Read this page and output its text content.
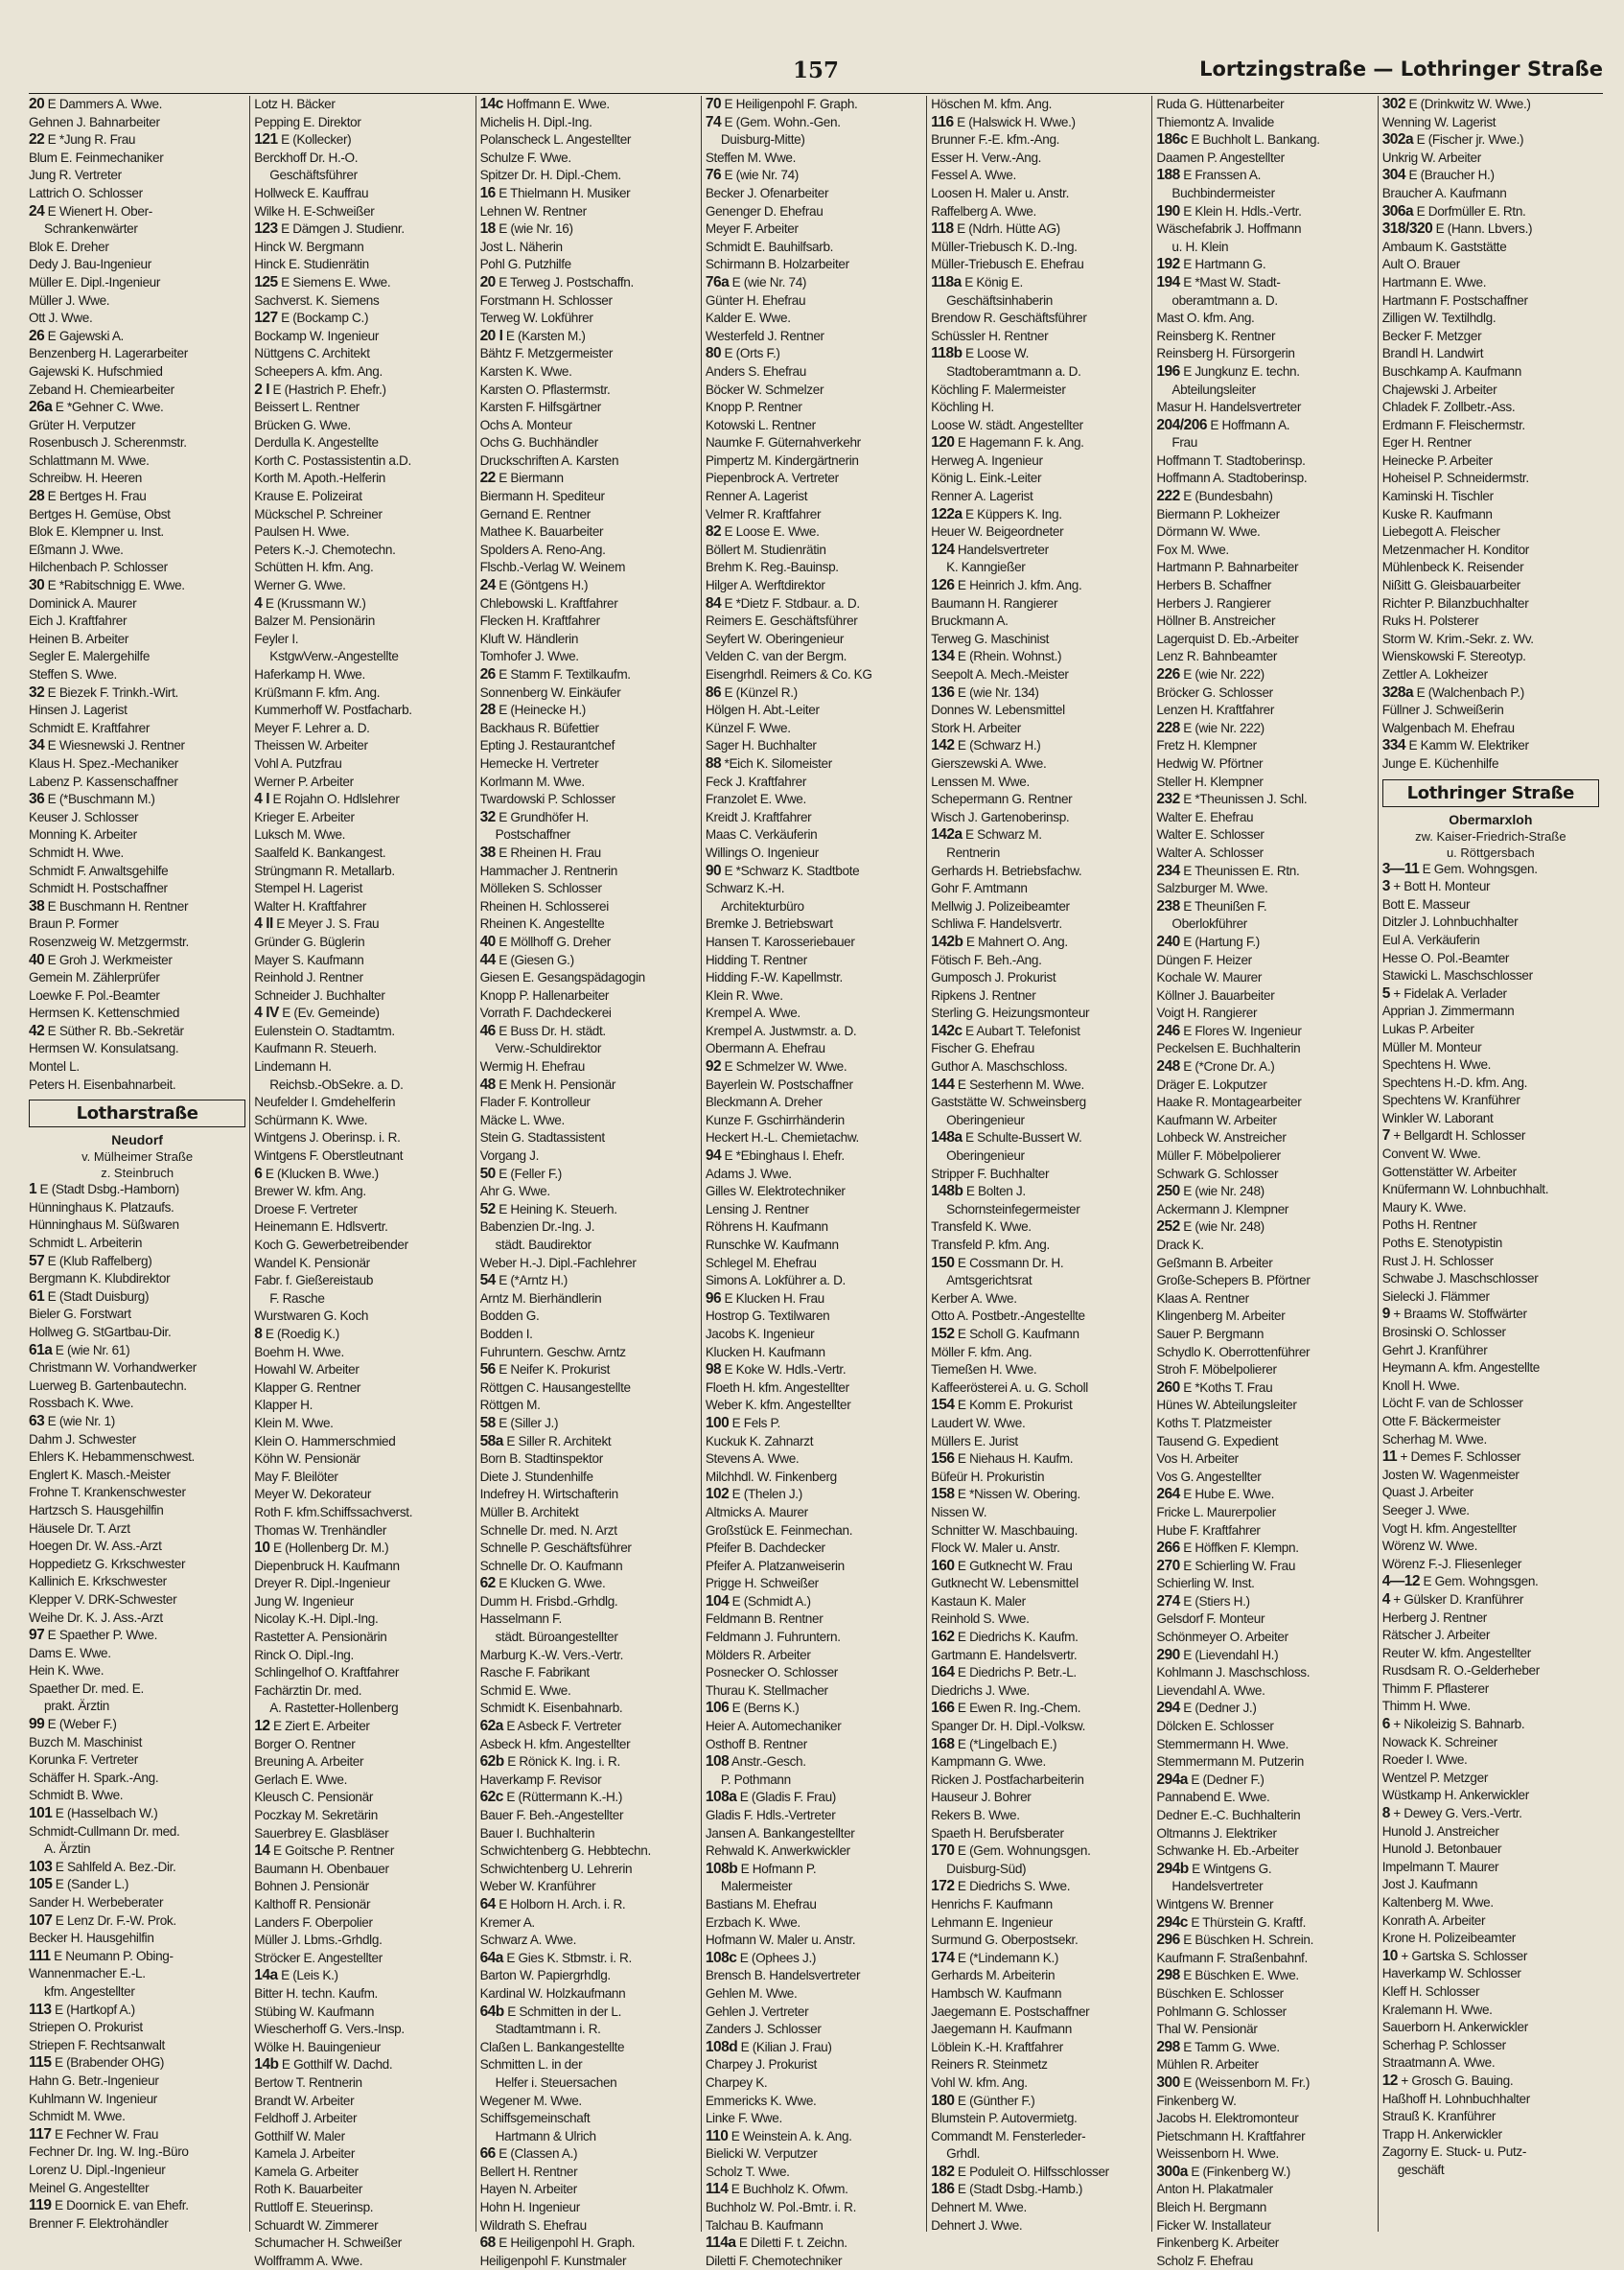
157	Lortzingstraße — Lothringer Straße
20 E Dammers A. Wwe.
Gehnen J. Bahnarbeiter
22 E *Jung R. Frau
Blum E. Feinmechaniker
Jung R. Vertreter
Lattrich O. Schlosser
24 E Wienert H. Ober-
Schrankenwärter
Blok E. Dreher
Dedy J. Bau-Ingenieur
Müller E. Dipl.-Ingenieur
Müller J. Wwe.
Ott J. Wwe.
26 E Gajewski A.
Benzenberg H. Lagerarbeiter
Gajewski K. Hufschmied
Zeband H. Chemiearbeiter
26a E *Gehner C. Wwe.
Grüter H. Verputzer
Rosenbusch J. Scherenmstr.
Schlattmann M. Wwe.
Schreibw. H. Heeren
28 E Bertges H. Frau
Bertges H. Gemüse, Obst
Blok E. Klempner u. Inst.
Eßmann J. Wwe.
Hilchenbach P. Schlosser
30 E *Rabitschnigg E. Wwe.
Dominick A. Maurer
Eich J. Kraftfahrer
Heinen B. Arbeiter
Segler E. Malergehilfe
Steffen S. Wwe.
32 E Biezek F. Trinkh.-Wirt.
Hinsen J. Lagerist
Schmidt E. Kraftfahrer
34 E Wiesnewski J. Rentner
Klaus H. Spez.-Mechaniker
Labenz P. Kassenschaffner
36 E (*Buschmann M.)
Keuser J. Schlosser
Monning K. Arbeiter
Schmidt H. Wwe.
Schmidt F. Anwaltsgehilfe
Schmidt H. Postschaffner
38 E Buschmann H. Rentner
Braun P. Former
Rosenzweig W. Metzgermstr.
40 E Groh J. Werkmeister
Gemein M. Zählerprüfer
Loewke F. Pol.-Beamter
Hermsen K. Kettenschmied
42 E Süther R. Bb.-Sekretär
Hermsen W. Konsulatsang.
Montel L.
Peters H. Eisenbahnarbeit.
Lotharstraße
Neudorf
v. Mülheimer Straße
z. Steinbruch
1 E (Stadt Dsbg.-Hamborn)
Hünninghaus K. Platzaufs.
Hünninghaus M. Süßwaren
Schmidt L. Arbeiterin
57 E (Klub Raffelberg)
Bergmann K. Klubdirektor
61 E (Stadt Duisburg)
Bieler G. Forstwart
Hollweg G. StGartbau-Dir.
61a E (wie Nr. 61)
Christmann W. Vorhandwerker
Luerweg B. Gartenbautechn.
Rossbach K. Wwe.
63 E (wie Nr. 1)
Dahm J. Schwester
Ehlers K. Hebammenschwest.
Englert K. Masch.-Meister
Frohne T. Krankenschwester
Hartzsch S. Hausgehilfin
Häusele Dr. T. Arzt
Hoegen Dr. W. Ass.-Arzt
Hoppedietz G. Krkschwester
Kallinich E. Krkschwester
Klepper V. DRK-Schwester
Weihe Dr. K. J. Ass.-Arzt
97 E Spaether P. Wwe.
Dams E. Wwe.
Hein K. Wwe.
Spaether Dr. med. E.
prakt. Ärztin
99 E (Weber F.)
Buzch M. Maschinist
Korunka F. Vertreter
Schäffer H. Spark.-Ang.
Schmidt B. Wwe.
101 E (Hasselbach W.)
Schmidt-Cullmann Dr. med.
A. Ärztin
103 E Sahlfeld A. Bez.-Dir.
105 E (Sander L.)
Sander H. Werbeberater
107 E Lenz Dr. F.-W. Prok.
Becker H. Hausgehilfin
111 E Neumann P. Obing-
Wannenmacher E.-L.
kfm. Angestellter
113 E (Hartkopf A.)
Striepen O. Prokurist
Striepen F. Rechtsanwalt
115 E (Brabender OHG)
Hahn G. Betr.-Ingenieur
Kuhlmann W. Ingenieur
Schmidt M. Wwe.
117 E Fechner W. Frau
Fechner Dr. Ing. W. Ing.-Büro
Lorenz U. Dipl.-Ingenieur
Meinel G. Angestellter
119 E Doornick E. van Ehefr.
Brenner F. Elektrohändler
Lotz H. Bäcker
Pepping E. Direktor
121 E (Kollecker)
Berckhoff Dr. H.-O.
Geschäftsführer
Hollweck E. Kauffrau
Wilke H. E-Schweißer
123 E Dämgen J. Studienr.
Hinck W. Bergmann
Hinck E. Studienrätin
125 E Siemens E. Wwe.
Sachverst. K. Siemens
127 E (Bockamp C.)
Bockamp W. Ingenieur
Nüttgens C. Architekt
Scheepers A. kfm. Ang.
2 I E (Hastrich P. Ehefr.)
Beissert L. Rentner
Brücken G. Wwe.
Derdulla K. Angestellte
Korth C. Postassistentin a.D.
Korth M. Apoth.-Helferin
Krause E. Polizeirat
Mückschel P. Schreiner
Paulsen H. Wwe.
Peters K.-J. Chemotechn.
Schütten H. kfm. Ang.
Werner G. Wwe.
4 E (Krussmann W.)
Balzer M. Pensionärin
Feyler I.
KstgwVerw.-Angestellte
Haferkamp H. Wwe.
Krüßmann F. kfm. Ang.
Kummerhoff W. Postfacharb.
Meyer F. Lehrer a. D.
Theissen W. Arbeiter
Vohl A. Putzfrau
Werner P. Arbeiter
4 I E Rojahn O. Hdlslehrer
Krieger E. Arbeiter
Luksch M. Wwe.
Saalfeld K. Bankangest.
Strüngmann R. Metallarb.
Stempel H. Lagerist
Walter H. Kraftfahrer
4 II E Meyer J. S. Frau
Gründer G. Büglerin
Mayer S. Kaufmann
Reinhold J. Rentner
Schneider J. Buchhalter
4 IV E (Ev. Gemeinde)
Eulenstein O. Stadtamtm.
Kaufmann R. Steuerh.
Lindemann H.
Reichsb.-ObSekre. a. D.
Neufelder I. Gmdehelferin
Schürmann K. Wwe.
Wintgens J. Oberinsp. i. R.
Wintgens F. Oberstleutnant
6 E (Klucken B. Wwe.)
Brewer W. kfm. Ang.
Droese F. Vertreter
Heinemann E. Hdlsvertr.
Koch G. Gewerbetreibender
Wandel K. Pensionär
Fabr. f. Gießereistaub
F. Rasche
Wurstwaren G. Koch
8 E (Roedig K.)
Boehm H. Wwe.
Howahl W. Arbeiter
Klapper G. Rentner
Klapper H.
Klein M. Wwe.
Klein O. Hammerschmied
Köhn W. Pensionär
May F. Bleilöter
Meyer W. Dekorateur
Roth F. kfm.Schiffssachverst.
Thomas W. Trenhändler
10 E (Hollenberg Dr. M.)
Diepenbruck H. Kaufmann
Dreyer R. Dipl.-Ingenieur
Jung W. Ingenieur
Nicolay K.-H. Dipl.-Ing.
Rastetter A. Pensionärin
Rinck O. Dipl.-Ing.
Schlingelhof O. Kraftfahrer
Fachärztin Dr. med.
A. Rastetter-Hollenberg
12 E Ziert E. Arbeiter
Borger O. Rentner
Breuning A. Arbeiter
Gerlach E. Wwe.
Kleusch C. Pensionär
Poczkay M. Sekretärin
Sauerbrey E. Glasbläser
14 E Goitsche P. Rentner
Baumann H. Obenbauer
Bohnen J. Pensionär
Kalthoff R. Pensionär
Landers F. Oberpolier
Müller J. Lbms.-Grhdlg.
Ströcker E. Angestellter
14a E (Leis K.)
Bitter H. techn. Kaufm.
Stübing W. Kaufmann
Wiescherhoff G. Vers.-Insp.
Wölke H. Bauingenieur
14b E Gotthilf W. Dachd.
Bertow T. Rentnerin
Brandt W. Arbeiter
Feldhoff J. Arbeiter
Gotthilf W. Maler
Kamela J. Arbeiter
Kamela G. Arbeiter
Roth K. Bauarbeiter
Ruttloff E. Steuerinsp.
Schuardt W. Zimmerer
Schumacher H. Schweißer
Wolfframm A. Wwe.
14c Hoffmann E. Wwe.
Michelis H. Dipl.-Ing.
Polanscheck L. Angestellter
Schulze F. Wwe.
Spitzer Dr. H. Dipl.-Chem.
16 E Thielmann H. Musiker
Lehnen W. Rentner
18 E (wie Nr. 16)
Jost L. Näherin
Pohl G. Putzhilfe
20 E Terweg J. Postschaffn.
Forstmann H. Schlosser
Terweg W. Lokführer
20 I E (Karsten M.)
Bähtz F. Metzgermeister
Karsten K. Wwe.
Karsten O. Pflastermstr.
Karsten F. Hilfsgärtner
Ochs A. Monteur
Ochs G. Buchhändler
Druckschriften A. Karsten
22 E Biermann
Biermann H. Spediteur
Gernand E. Rentner
Mathee K. Bauarbeiter
Spolders A. Reno-Ang.
Flschb.-Verlag W. Weinem
24 E (Göntgens H.)
Chlebowski L. Kraftfahrer
Flecken H. Kraftfahrer
Kluft W. Händlerin
Tomhofer J. Wwe.
26 E Stamm F. Textilkaufm.
Sonnenberg W. Einkäufer
28 E (Heinecke H.)
Backhaus R. Büfettier
Epting J. Restaurantchef
Hemecke H. Vertreter
Korlmann M. Wwe.
Twardowski P. Schlosser
32 E Grundhöfer H.
Postschaffner
38 E Rheinen H. Frau
Hammacher J. Rentnerin
Mölleken S. Schlosser
Rheinen H. Schlosserei
Rheinen K. Angestellte
40 E Möllhoff G. Dreher
44 E (Giesen G.)
Giesen E. Gesangspädagogin
Knopp P. Hallenarbeiter
Vorrath F. Dachdeckerei
46 E Buss Dr. H. städt.
Verw.-Schuldirektor
Wermig H. Ehefrau
48 E Menk H. Pensionär
Flader F. Kontrolleur
Mäcke L. Wwe.
Stein G. Stadtassistent
Vorgang J.
50 E (Feller F.)
Ahr G. Wwe.
52 E Heining K. Steuerh.
Babenzien Dr.-Ing. J.
städt. Baudirektor
Weber H.-J. Dipl.-Fachlehrer
54 E (*Arntz H.)
Arntz M. Bierhändlerin
Bodden G.
Bodden I.
Fuhruntern. Geschw. Arntz
56 E Neifer K. Prokurist
Röttgen C. Hausangestellte
Röttgen M.
58 E (Siller J.)
58a E Siller R. Architekt
Born B. Stadtinspektor
Diete J. Stundenhilfe
Indefrey H. Wirtschafterin
Müller B. Architekt
Schnelle Dr. med. N. Arzt
Schnelle P. Geschäftsführer
Schnelle Dr. O. Kaufmann
62 E Klucken G. Wwe.
Dumm H. Frisbd.-Grhdlg.
Hasselmann F.
städt. Büroangestellter
Marburg K.-W. Vers.-Vertr.
Rasche F. Fabrikant
Schmid E. Wwe.
Schmidt K. Eisenbahnarb.
62a E Asbeck F. Vertreter
Asbeck H. kfm. Angestellter
62b E Rönick K. Ing. i. R.
Haverkamp F. Revisor
62c E (Rüttermann K.-H.)
Bauer F. Beh.-Angestellter
Bauer I. Buchhalterin
Schwichtenberg G. Hebbtechn.
Schwichtenberg U. Lehrerin
Weber W. Kranführer
64 E Holborn H. Arch. i. R.
Kremer A.
Schwarz A. Wwe.
64a E Gies K. Stbmstr. i. R.
Barton W. Papiergrhdlg.
Kardinal W. Holzkaufmann
64b E Schmitten in der L.
Stadtamtmann i. R.
Claßen L. Bankangestellte
Schmitten L. in der
Helfer i. Steuersachen
Wegener M. Wwe.
Schiffsgemeinschaft
Hartmann & Ulrich
66 E (Classen A.)
Bellert H. Rentner
Hayen N. Arbeiter
Hohn H. Ingenieur
Wildrath S. Ehefrau
68 E Heiligenpohl H. Graph.
Heiligenpohl F. Kunstmaler
70 E Heiligenpohl F. Graph.
74 E (Gem. Wohn.-Gen.
Duisburg-Mitte)
Steffen M. Wwe.
76 E (wie Nr. 74)
Becker J. Ofenarbeiter
Genenger D. Ehefrau
Meyer F. Arbeiter
Schmidt E. Bauhilfsarb.
Schirmann B. Holzarbeiter
76a E (wie Nr. 74)
Günter H. Ehefrau
Kalder E. Wwe.
Westerfeld J. Rentner
80 E (Orts F.)
Anders S. Ehefrau
Böcker W. Schmelzer
Knopp P. Rentner
Kotowski L. Rentner
Naumke F. Güternahverkehr
Pimpertz M. Kindergärtnerin
Piepenbrock A. Vertreter
Renner A. Lagerist
Velmer R. Kraftfahrer
82 E Loose E. Wwe.
Böllert M. Studienrätin
Brehm K. Reg.-Bauinsp.
Hilger A. Werftdirektor
84 E *Dietz F. Stdbaur. a. D.
Reimers E. Geschäftsführer
Seyfert W. Oberingenieur
Velden C. van der Bergm.
Eisengrhdl. Reimers & Co. KG
86 E (Künzel R.)
Hölgen H. Abt.-Leiter
Künzel F. Wwe.
Sager H. Buchhalter
88 *Eich K. Silomeister
Feck J. Kraftfahrer
Franzolet E. Wwe.
Kreidt J. Kraftfahrer
Maas C. Verkäuferin
Willings O. Ingenieur
90 E *Schwarz K. Stadtbote
Schwarz K.-H.
Architekturbüro
Bremke J. Betriebswart
Hansen T. Karosseriebauer
Hidding T. Rentner
Hidding F.-W. Kapellmstr.
Klein R. Wwe.
Krempel A. Wwe.
Krempel A. Justwmstr. a. D.
Obermann A. Ehefrau
92 E Schmelzer W. Wwe.
Bayerlein W. Postschaffner
Bleckmann A. Dreher
Kunze F. Gschirrhänderin
Heckert H.-L. Chemietachw.
94 E *Ebinghaus I. Ehefr.
Adams J. Wwe.
Gilles W. Elektrotechniker
Lensing J. Rentner
Röhrens H. Kaufmann
Runschke W. Kaufmann
Schlegel M. Ehefrau
Simons A. Lokführer a. D.
96 E Klucken H. Frau
Hostrop G. Textilwaren
Jacobs K. Ingenieur
Klucken H. Kaufmann
98 E Koke W. Hdls.-Vertr.
Floeth H. kfm. Angestellter
Weber K. kfm. Angestellter
100 E Fels P.
Kuckuk K. Zahnarzt
Stevens A. Wwe.
Milchhdl. W. Finkenberg
102 E (Thelen J.)
Altmicks A. Maurer
Großstück E. Feinmechan.
Pfeifer B. Dachdecker
Pfeifer A. Platzanweiserin
Prigge H. Schweißer
104 E (Schmidt A.)
Feldmann B. Rentner
Feldmann J. Fuhruntern.
Mölders R. Arbeiter
Posnecker O. Schlosser
Thurau K. Stellmacher
106 E (Berns K.)
Heier A. Automechaniker
Osthoff B. Rentner
108 Anstr.-Gesch.
P. Pothmann
108a E (Gladis F. Frau)
Gladis F. Hdls.-Vertreter
Jansen A. Bankangestellter
Rehwald K. Anwerkwickler
108b E Hofmann P.
Malermeister
Bastians M. Ehefrau
Erzbach K. Wwe.
Hofmann W. Maler u. Anstr.
108c E (Ophees J.)
Brensch B. Handelsvertreter
Gehlen M. Wwe.
Gehlen J. Vertreter
Zanders J. Schlosser
108d E (Kilian J. Frau)
Charpey J. Prokurist
Charpey K.
Emmericks K. Wwe.
Linke F. Wwe.
110 E Weinstein A. k. Ang.
Bielicki W. Verputzer
Scholz T. Wwe.
114 E Buchholz K. Ofwm.
Buchholz W. Pol.-Bmtr. i. R.
Talchau B. Kaufmann
114a E Diletti F. t. Zeichn.
Diletti F. Chemotechniker
Höschen M. kfm. Ang.
116 E (Halswick H. Wwe.)
Brunner F.-E. kfm.-Ang.
Esser H. Verw.-Ang.
Fessel A. Wwe.
Loosen H. Maler u. Anstr.
Raffelberg A. Wwe.
118 E (Ndrh. Hütte AG)
Müller-Triebusch K. D.-Ing.
Müller-Triebusch E. Ehefrau
118a E König E.
Geschäftsinhaberin
Brendow R. Geschäftsführer
Schüssler H. Rentner
118b E Loose W.
Stadtoberamtmann a. D.
Köchling F. Malermeister
Köchling H.
Loose W. städt. Angestellter
120 E Hagemann F. k. Ang.
Herweg A. Ingenieur
König L. Eink.-Leiter
Renner A. Lagerist
122a E Küppers K. Ing.
Heuer W. Beigeordneter
124 Handelsvertreter
K. Kanngießer
126 E Heinrich J. kfm. Ang.
Baumann H. Rangierer
Bruckmann A.
Terweg G. Maschinist
134 E (Rhein. Wohnst.)
Seepolt A. Mech.-Meister
136 E (wie Nr. 134)
Donnes W. Lebensmittel
Stork H. Arbeiter
142 E (Schwarz H.)
Gierszewski A. Wwe.
Lenssen M. Wwe.
Schepermann G. Rentner
Wisch J. Gartenoberinsp.
142a E Schwarz M.
Rentnerin
Gerhards H. Betriebsfachw.
Gohr F. Amtmann
Mellwig J. Polizeibeamter
Schliwa F. Handelsvertr.
142b E Mahnert O. Ang.
Fötisch F. Beh.-Ang.
Gumposch J. Prokurist
Ripkens J. Rentner
Sterling G. Heizungsmonteur
142c E Aubart T. Telefonist
Fischer G. Ehefrau
Guthor A. Maschschloss.
144 E Sesterhenn M. Wwe.
Gaststätte W. Schweinsberg
Oberingenieur
148a E Schulte-Bussert W.
Oberingenieur
Stripper F. Buchhalter
148b E Bolten J.
Schornsteinfegermeister
Transfeld K. Wwe.
Transfeld P. kfm. Ang.
150 E Cossmann Dr. H.
Amtsgerichtsrat
Kerber A. Wwe.
Otto A. Postbetr.-Angestellte
152 E Scholl G. Kaufmann
Möller F. kfm. Ang.
Tiemeßen H. Wwe.
Kaffeerösterei A. u. G. Scholl
154 E Komm E. Prokurist
Laudert W. Wwe.
Müllers E. Jurist
156 E Niehaus H. Kaufm.
Büfeür H. Prokuristin
158 E *Nissen W. Obering.
Nissen W.
Schnitter W. Maschbauing.
Flock W. Maler u. Anstr.
160 E Gutknecht W. Frau
Gutknecht W. Lebensmittel
Kastaun K. Maler
Reinhold S. Wwe.
162 E Diedrichs K. Kaufm.
Gartmann E. Handelsvertr.
164 E Diedrichs P. Betr.-L.
Diedrichs J. Wwe.
166 E Ewen R. Ing.-Chem.
Spanger Dr. H. Dipl.-Volksw.
168 E (*Lingelbach E.)
Kampmann G. Wwe.
Ricken J. Postfacharbeiterin
Hauseur J. Bohrer
Rekers B. Wwe.
Spaeth H. Berufsberater
170 E (Gem. Wohnungsgen.
Duisburg-Süd)
172 E Diedrichs S. Wwe.
Henrichs F. Kaufmann
Lehmann E. Ingenieur
Surmund G. Oberpostsekr.
174 E (*Lindemann K.)
Gerhards M. Arbeiterin
Hambsch W. Kaufmann
Jaegemann E. Postschaffner
Jaegemann H. Kaufmann
Löblein K.-H. Kraftfahrer
Reiners R. Steinmetz
Vohl W. kfm. Ang.
180 E (Günther F.)
Blumstein P. Autovermietg.
Commandt M. Fensterleder-
Grhdl.
182 E Poduleit O. Hilfsschlosser
186 E (Stadt Dsbg.-Hamb.)
Dehnert M. Wwe.
Dehnert J. Wwe.
Ruda G. Hüttenarbeiter
Thiemontz A. Invalide
186c E Buchholt L. Bankang.
Daamen P. Angestellter
188 E Franssen A.
Buchbindermeister
190 E Klein H. Hdls.-Vertr.
Wäschefabrik J. Hoffmann
u. H. Klein
192 E Hartmann G.
194 E *Mast W. Stadt-
oberamtmann a. D.
Mast O. kfm. Ang.
Reinsberg K. Rentner
Reinsberg H. Fürsorgerin
196 E Jungkunz E. techn.
Abteilungsleiter
Masur H. Handelsvertreter
204/206 E Hoffmann A.
Frau
Hoffmann T. Stadtoberinsp.
Hoffmann A. Stadtoberinsp.
222 E (Bundesbahn)
Biermann P. Lokheizer
Dörmann W. Wwe.
Fox M. Wwe.
Hartmann P. Bahnarbeiter
Herbers B. Schaffner
Herbers J. Rangierer
Höllner B. Anstreicher
Lagerquist D. Eb.-Arbeiter
Lenz R. Bahnbeamter
226 E (wie Nr. 222)
Bröcker G. Schlosser
Lenzen H. Kraftfahrer
228 E (wie Nr. 222)
Fretz H. Klempner
Hedwig W. Pförtner
Steller H. Klempner
232 E *Theunissen J. Schl.
Walter E. Ehefrau
Walter E. Schlosser
Walter A. Schlosser
234 E Theunissen E. Rtn.
Salzburger M. Wwe.
238 E Theunißen F.
Oberlokführer
240 E (Hartung F.)
Düngen F. Heizer
Kochale W. Maurer
Köllner J. Bauarbeiter
Voigt H. Rangierer
246 E Flores W. Ingenieur
Peckelsen E. Buchhalterin
248 E (*Crone Dr. A.)
Dräger E. Lokputzer
Haake R. Montagearbeiter
Kaufmann W. Arbeiter
Lohbeck W. Anstreicher
Müller F. Möbelpolierer
Schwark G. Schlosser
250 E (wie Nr. 248)
Ackermann J. Klempner
252 E (wie Nr. 248)
Drack K.
Geßmann B. Arbeiter
Große-Schepers B. Pförtner
Klaas A. Rentner
Klingenberg M. Arbeiter
Sauer P. Bergmann
Schydlo K. Oberrottenführer
Stroh F. Möbelpolierer
260 E *Koths T. Frau
Hünes W. Abteilungsleiter
Koths T. Platzmeister
Tausend G. Expedient
Vos H. Arbeiter
Vos G. Angestellter
264 E Hube E. Wwe.
Fricke L. Maurerpolier
Hube F. Kraftfahrer
266 E Höffken F. Klempn.
270 E Schierling W. Frau
Schierling W. Inst.
274 E (Stiers H.)
Gelsdorf F. Monteur
Schönmeyer O. Arbeiter
290 E (Lievendahl H.)
Kohlmann J. Maschschloss.
Lievendahl A. Wwe.
294 E (Dedner J.)
Dölcken E. Schlosser
Stemmermann H. Wwe.
Stemmermann M. Putzerin
294a E (Dedner F.)
Pannabend E. Wwe.
Dedner E.-C. Buchhalterin
Oltmanns J. Elektriker
Schwanke H. Eb.-Arbeiter
294b E Wintgens G.
Handelsvertreter
Wintgens W. Brenner
294c E Thürstein G. Kraftf.
296 E Büschken H. Schrein.
Kaufmann F. Straßenbahnf.
298 E Büschken E. Wwe.
Büschken E. Schlosser
Pohlmann G. Schlosser
Thal W. Pensionär
298 E Tamm G. Wwe.
Mühlen R. Arbeiter
300 E (Weissenborn M. Fr.)
Finkenberg W.
Jacobs H. Elektromonteur
Pietschmann H. Kraftfahrer
Weissenborn H. Wwe.
300a E (Finkenberg W.)
Anton H. Plakatmaler
Bleich H. Bergmann
Ficker W. Installateur
Finkenberg K. Arbeiter
Scholz F. Ehefrau
302 E (Drinkwitz W. Wwe.)
Wenning W. Lagerist
302a E (Fischer jr. Wwe.)
Unkrig W. Arbeiter
304 E (Braucher H.)
Braucher A. Kaufmann
306a E Dorfmüller E. Rtn.
318/320 E (Hann. Lbvers.)
Ambaum K. Gaststätte
Ault O. Brauer
Hartmann E. Wwe.
Hartmann F. Postschaffner
Zilligen W. Textilhdlg.
Becker F. Metzger
Brandl H. Landwirt
Buschkamp A. Kaufmann
Chajewski J. Arbeiter
Chladek F. Zollbetr.-Ass.
Erdmann F. Fleischermstr.
Eger H. Rentner
Heinecke P. Arbeiter
Hoheisel P. Schneidermstr.
Kaminski H. Tischler
Kuske R. Kaufmann
Liebegott A. Fleischer
Metzenmacher H. Konditor
Mühlenbeck K. Reisender
Nißitt G. Gleisbauarbeiter
Richter P. Bilanzbuchhalter
Ruks H. Polsterer
Storm W. Krim.-Sekr. z. Wv.
Wienskowski F. Stereotyp.
Zettler A. Lokheizer
328a E (Walchenbach P.)
Füllner J. Schweißerin
Walgenbach M. Ehefrau
334 E Kamm W. Elektriker
Junge E. Küchenhilfe
Lothringer Straße
Obermarxloh
zw. Kaiser-Friedrich-Straße
u. Röttgersbach
3—11 E Gem. Wohngsgen.
3 + Bott H. Monteur
Bott E. Masseur
Ditzler J. Lohnbuchhalter
Eul A. Verkäuferin
Hesse O. Pol.-Beamter
Stawicki L. Maschschlosser
5 + Fidelak A. Verlader
Apprian J. Zimmermann
Lukas P. Arbeiter
Müller M. Monteur
Spechtens H. Wwe.
Spechtens H.-D. kfm. Ang.
Spechtens W. Kranführer
Winkler W. Laborant
7 + Bellgardt H. Schlosser
Convent W. Wwe.
Gottenstätter W. Arbeiter
Knüfermann W. Lohnbuchhalt.
Maury K. Wwe.
Poths H. Rentner
Poths E. Stenotypistin
Rust J. H. Schlosser
Schwabe J. Maschschlosser
Sielecki J. Flämmer
9 + Braams W. Stoffwärter
Brosinski O. Schlosser
Gehrt J. Kranführer
Heymann A. kfm. Angestellte
Knoll H. Wwe.
Löcht F. van de Schlosser
Otte F. Bäckermeister
Scherhag M. Wwe.
11 + Demes F. Schlosser
Josten W. Wagenmeister
Quast J. Arbeiter
Seeger J. Wwe.
Vogt H. kfm. Angestellter
Wörenz W. Wwe.
Wörenz F.-J. Fliesenleger
4—12 E Gem. Wohngsgen.
4 + Gülsker D. Kranführer
Herberg J. Rentner
Rätscher J. Arbeiter
Reuter W. kfm. Angestellter
Rusdsam R. O.-Gelderheber
Thimm F. Pflasterer
Thimm H. Wwe.
6 + Nikoleizig S. Bahnarb.
Nowack K. Schreiner
Roeder I. Wwe.
Wentzel P. Metzger
Wüstkamp H. Ankerwickler
8 + Dewey G. Vers.-Vertr.
Hunold J. Anstreicher
Hunold J. Betonbauer
Impelmann T. Maurer
Jost J. Kaufmann
Kaltenberg M. Wwe.
Konrath A. Arbeiter
Krone H. Polizeibeamter
10 + Gartska S. Schlosser
Haverkamp W. Schlosser
Kleff H. Schlosser
Kralemann H. Wwe.
Sauerborn H. Ankerwickler
Scherhag P. Schlosser
Straatmann A. Wwe.
12 + Grosch G. Bauing.
Haßhoff H. Lohnbuchhalter
Strauß K. Kranführer
Trapp H. Ankerwickler
Zagorny E. Stuck- u. Putz-
geschäft
